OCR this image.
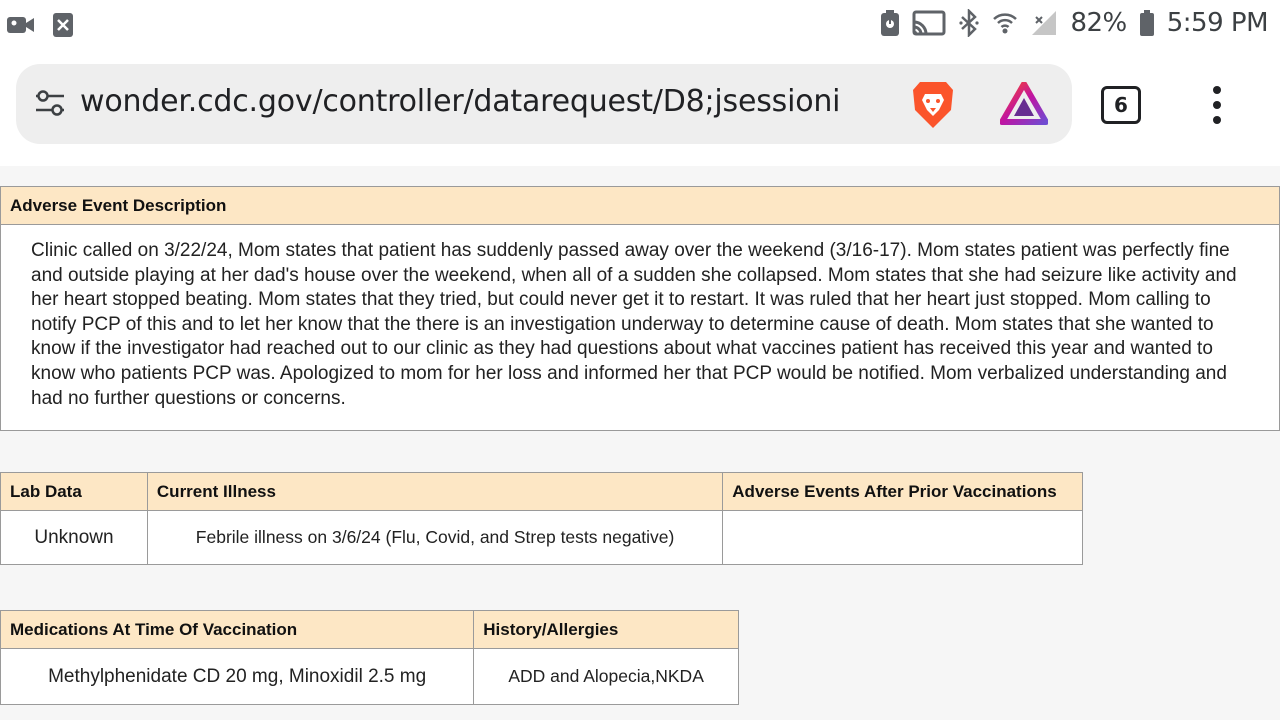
82% 5:59 PM
wonder.cdc.gov/controller/datarequest/D8;jsessioni	6
Adverse Event Description
Clinic called on 3/22/24, Mom states that patient has suddenly passed away over the weekend (3/16-17). Mom states patient was perfectly fine and outside playing at her dad's house over the weekend, when all of a sudden she collapsed. Mom states that she had seizure like activity and her heart stopped beating. Mom states that they tried, but could never get it to restart. It was ruled that her heart just stopped. Mom calling to notify PCP of this and to let her know that the there is an investigation underway to determine cause of death. Mom states that she wanted to know if the investigator had reached out to our clinic as they had questions about what vaccines patient has received this year and wanted to know who patients PCP was. Apologized to mom for her loss and informed her that PCP would be notified. Mom verbalized understanding and had no further questions or concerns.
Lab Data	Current Illness	Adverse Events After Prior Vaccinations
Unknown	Febrile illness on 3/6/24 (Flu, Covid, and Strep tests negative)	
Medications At Time Of Vaccination	History/Allergies
Methylphenidate CD 20 mg, Minoxidil 2.5 mg	ADD and Alopecia,NKDA
